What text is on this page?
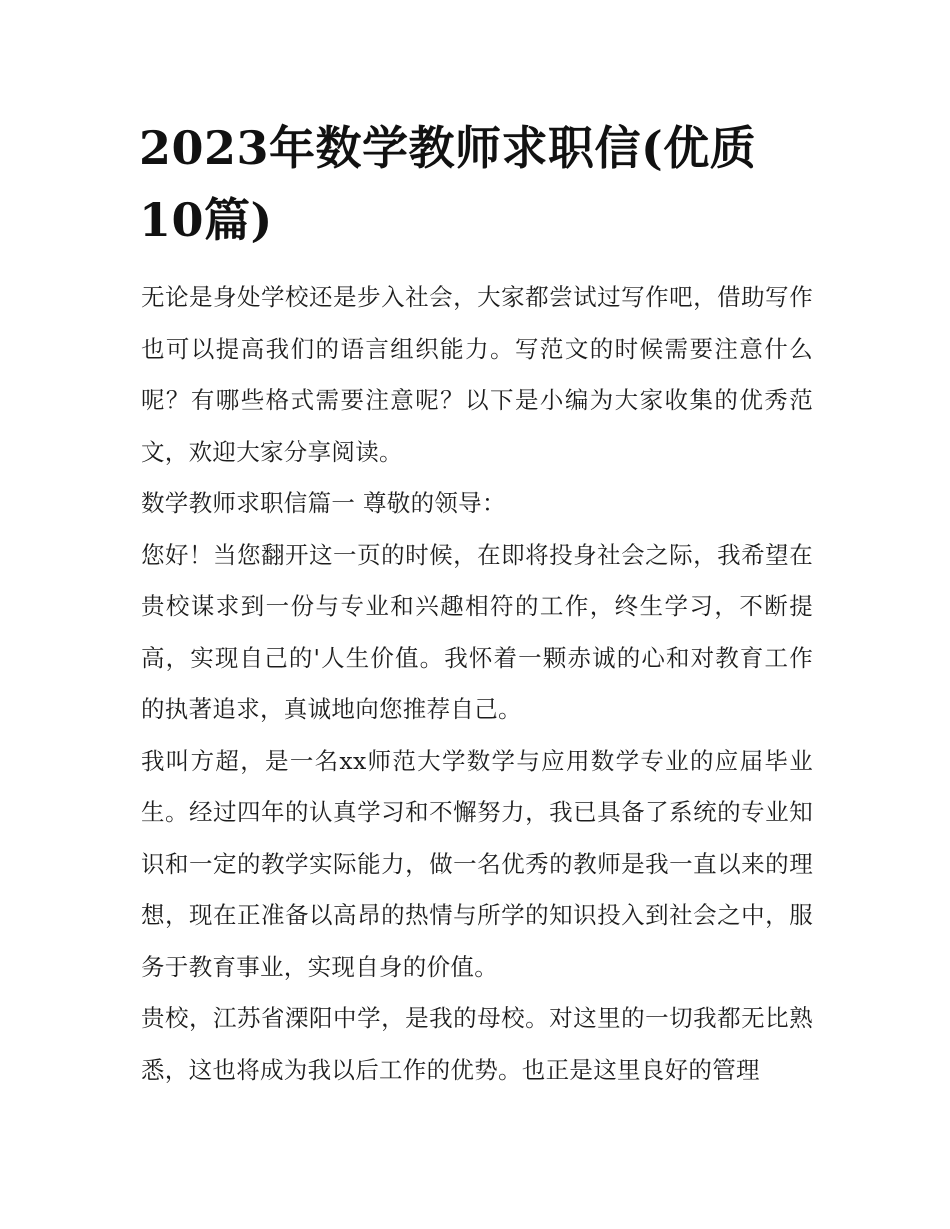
2023年数学教师求职信(优质10篇)

无论是身处学校还是步入社会，大家都尝试过写作吧，借助写作也可以提高我们的语言组织能力。写范文的时候需要注意什么呢？有哪些格式需要注意呢？以下是小编为大家收集的优秀范文，欢迎大家分享阅读。

数学教师求职信篇一 尊敬的领导：

您好！当您翻开这一页的时候，在即将投身社会之际，我希望在贵校谋求到一份与专业和兴趣相符的工作，终生学习，不断提高，实现自己的'人生价值。我怀着一颗赤诚的心和对教育工作的执著追求，真诚地向您推荐自己。

我叫方超，是一名xx师范大学数学与应用数学专业的应届毕业生。经过四年的认真学习和不懈努力，我已具备了系统的专业知识和一定的教学实际能力，做一名优秀的教师是我一直以来的理想，现在正准备以高昂的热情与所学的知识投入到社会之中，服务于教育事业，实现自身的价值。

贵校，江苏省溧阳中学，是我的母校。对这里的一切我都无比熟悉，这也将成为我以后工作的优势。也正是这里良好的管理
